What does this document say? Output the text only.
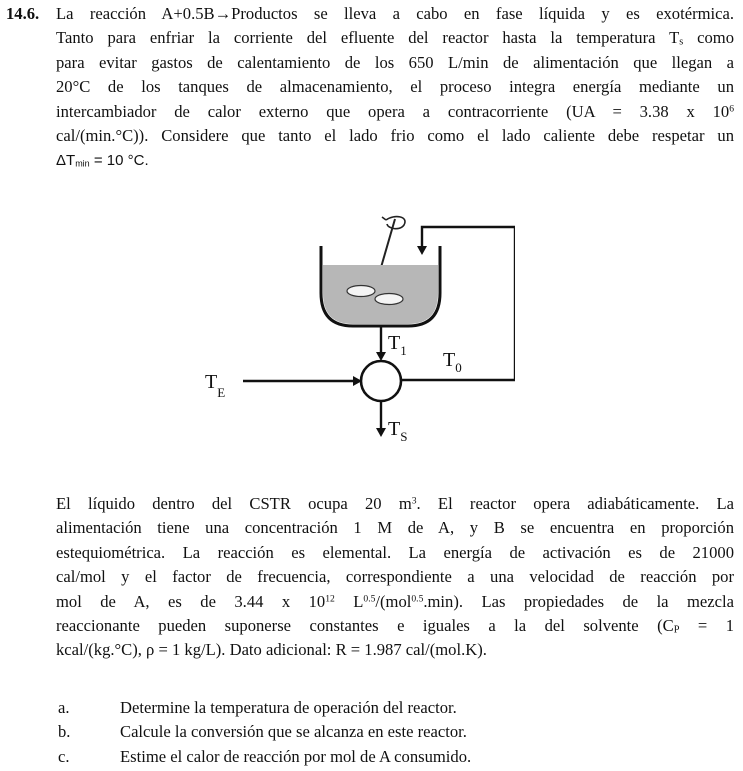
14.6. La reacción A+0.5B→Productos se lleva a cabo en fase líquida y es exotérmica.
Tanto para enfriar la corriente del efluente del reactor hasta la temperatura $T_s$ como
para evitar gastos de calentamiento de los 650 L/min de alimentación que llegan a
20°C de los tanques de almacenamiento, el proceso integra energía mediante un
intercambiador de calor externo que opera a contracorriente (UA = 3.38 x $10^6$
cal/(min.°C)). Considere que tanto el lado frio como el lado caliente debe respetar un
$\Delta T_{min} = 10$ °C.
$T_1$ $T_0$
$T_E$
$T_S$
El líquido dentro del CSTR ocupa 20 $m^3$. El reactor opera adiabáticamente. La
alimentación tiene una concentración 1 M de A, y B se encuentra en proporción
estequiométrica. La reacción es elemental. La energía de activación es de 21000
cal/mol y el factor de frecuencia, correspondiente a una velocidad de reacción por
mol de A, es de 3.44 x $10^{12}$ $L^{0.5}/(mol^{0.5}.\min)$. Las propiedades de la mezcla
reaccionante pueden suponerse constantes e iguales a la del solvente ($C_P = 1$
kcal/(kg.°C), ρ = 1 kg/L). Dato adicional: R = 1.987 cal/(mol.K).
a.	Determine la temperatura de operación del reactor.
b.	Calcule la conversión que se alcanza en este reactor.
c.	Estime el calor de reacción por mol de A consumido.
